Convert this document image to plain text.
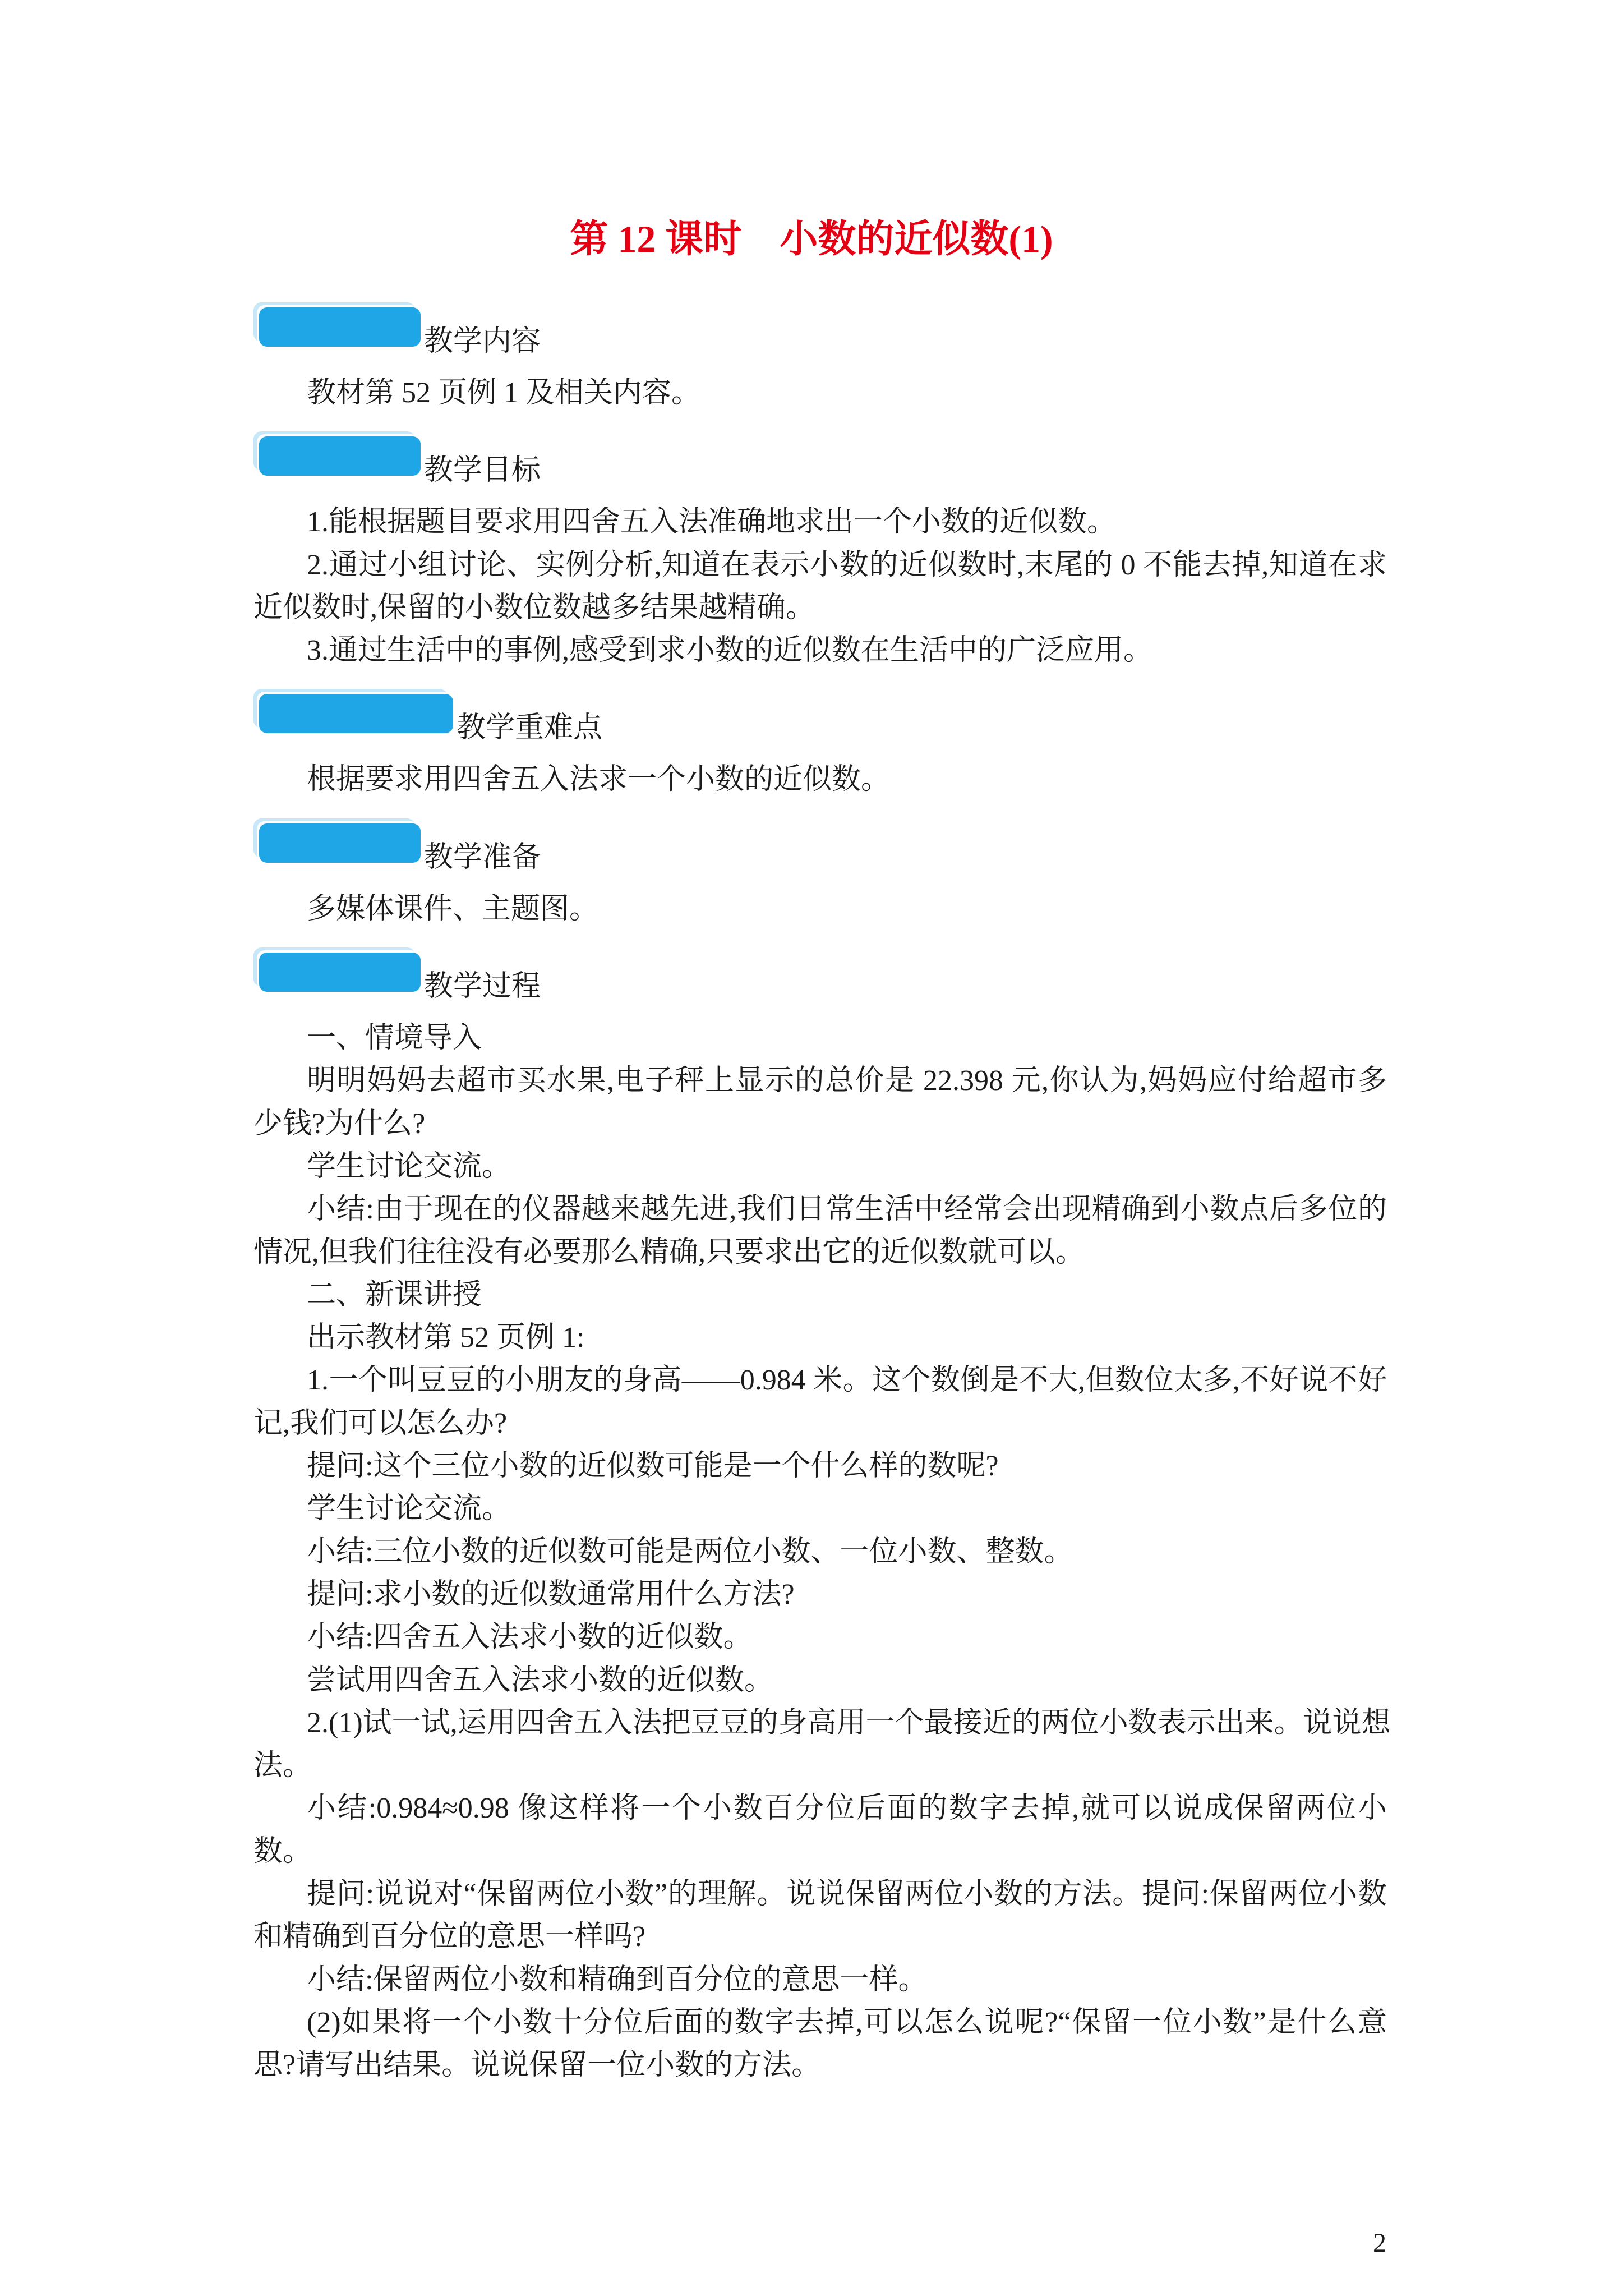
第 12 课时　小数的近似数(1)
教学内容
教材第 52 页例 1 及相关内容。
教学目标
1.能根据题目要求用四舍五入法准确地求出一个小数的近似数。
2.通过小组讨论、实例分析,知道在表示小数的近似数时,末尾的 0 不能去掉,知道在求
近似数时,保留的小数位数越多结果越精确。
3.通过生活中的事例,感受到求小数的近似数在生活中的广泛应用。
教学重难点
根据要求用四舍五入法求一个小数的近似数。
教学准备
多媒体课件、主题图。
教学过程
一、情境导入
明明妈妈去超市买水果,电子秤上显示的总价是 22.398 元,你认为,妈妈应付给超市多
少钱?为什么?
学生讨论交流。
小结:由于现在的仪器越来越先进,我们日常生活中经常会出现精确到小数点后多位的
情况,但我们往往没有必要那么精确,只要求出它的近似数就可以。
二、新课讲授
出示教材第 52 页例 1:
1.一个叫豆豆的小朋友的身高——0.984 米。这个数倒是不大,但数位太多,不好说不好
记,我们可以怎么办?
提问:这个三位小数的近似数可能是一个什么样的数呢?
学生讨论交流。
小结:三位小数的近似数可能是两位小数、一位小数、整数。
提问:求小数的近似数通常用什么方法?
小结:四舍五入法求小数的近似数。
尝试用四舍五入法求小数的近似数。
2.(1)试一试,运用四舍五入法把豆豆的身高用一个最接近的两位小数表示出来。说说想
法。
小结:0.984≈0.98 像这样将一个小数百分位后面的数字去掉,就可以说成保留两位小
数。
提问:说说对“保留两位小数”的理解。说说保留两位小数的方法。提问:保留两位小数
和精确到百分位的意思一样吗?
小结:保留两位小数和精确到百分位的意思一样。
(2)如果将一个小数十分位后面的数字去掉,可以怎么说呢?“保留一位小数”是什么意
思?请写出结果。说说保留一位小数的方法。
2
